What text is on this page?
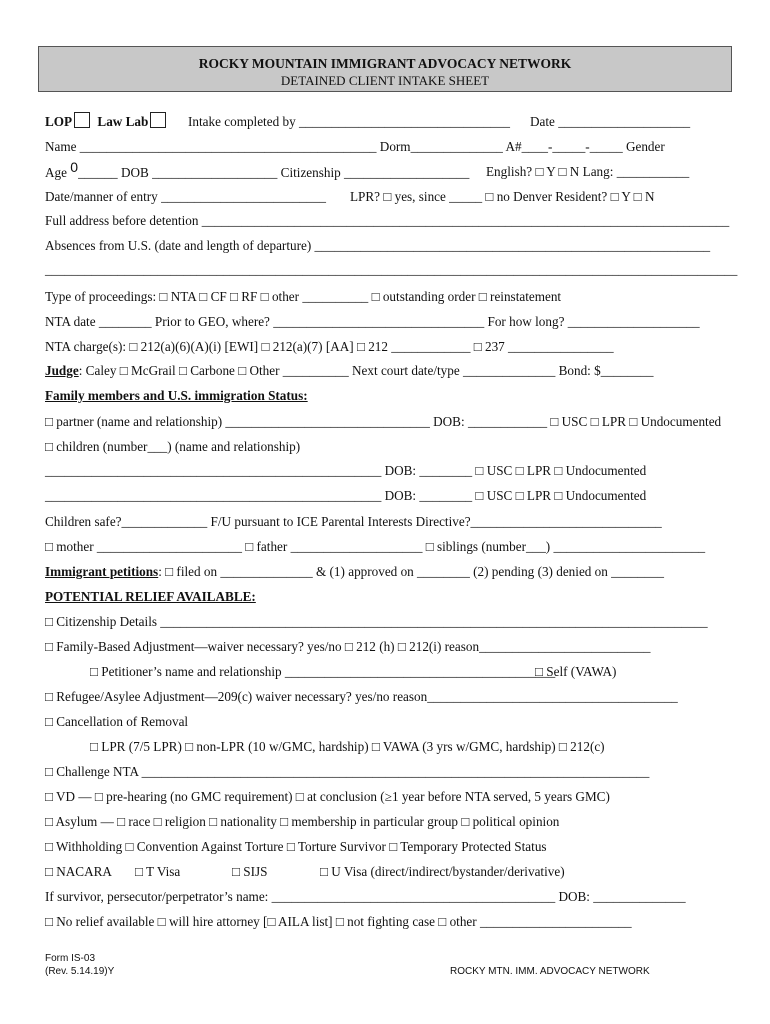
ROCKY MOUNTAIN IMMIGRANT ADVOCACY NETWORK
DETAINED CLIENT INTAKE SHEET
LOP Law Lab	Intake completed by ________________________________ Date ____________________
Name _____________________________________________ Dorm______________ A#____-_____-_____ Gender
Age 0______ DOB ___________________ Citizenship ___________________ English? □ Y □ N Lang: ___________
Date/manner of entry _________________________ LPR? □ yes, since _____ □ no Denver Resident? □ Y □ N
Full address before detention ________________________________________________________________________________
Absences from U.S. (date and length of departure) ____________________________________________________________
_________________________________________________________________________________________________________
Type of proceedings: □ NTA □ CF □ RF □ other __________ □ outstanding order □ reinstatement
NTA date ________ Prior to GEO, where? ________________________________ For how long? ____________________
NTA charge(s): □ 212(a)(6)(A)(i) [EWI] □ 212(a)(7) [AA] □ 212 ____________ □ 237 ________________
Judge: Caley □ McGrail □ Carbone □ Other __________ Next court date/type ______________ Bond: $________
Family members and U.S. immigration Status:
□ partner (name and relationship) _______________________________ DOB: ____________ □ USC □ LPR □ Undocumented
□ children (number___) (name and relationship)
___________________________________________________ DOB: ________ □ USC □ LPR □ Undocumented
___________________________________________________ DOB: ________ □ USC □ LPR □ Undocumented
Children safe?_____________ F/U pursuant to ICE Parental Interests Directive?_____________________________
□ mother ______________________ □ father ____________________ □ siblings (number___) _______________________
Immigrant petitions: □ filed on ______________ & (1) approved on ________ (2) pending (3) denied on ________
POTENTIAL RELIEF AVAILABLE:
□ Citizenship Details ___________________________________________________________________________________
□ Family-Based Adjustment—waiver necessary? yes/no □ 212 (h) □ 212(i) reason__________________________
□ Petitioner’s name and relationship _________________________________________
□ Self (VAWA)
□ Refugee/Asylee Adjustment—209(c) waiver necessary? yes/no reason______________________________________
□ Cancellation of Removal
□ LPR (7/5 LPR) □ non-LPR (10 w/GMC, hardship) □ VAWA (3 yrs w/GMC, hardship) □ 212(c)
□ Challenge NTA _____________________________________________________________________________
□ VD — □ pre-hearing (no GMC requirement) □ at conclusion (≥1 year before NTA served, 5 years GMC)
□ Asylum — □ race □ religion □ nationality □ membership in particular group □ political opinion
□ Withholding □ Convention Against Torture □ Torture Survivor □ Temporary Protected Status
□ NACARA □ T Visa	□ SIJS	□ U Visa (direct/indirect/bystander/derivative)
If survivor, persecutor/perpetrator’s name: ___________________________________________ DOB: ______________
□ No relief available □ will hire attorney [□ AILA list] □ not fighting case □ other _______________________
Form IS-03
(Rev. 5.14.19)Y	ROCKY MTN. IMM. ADVOCACY NETWORK
